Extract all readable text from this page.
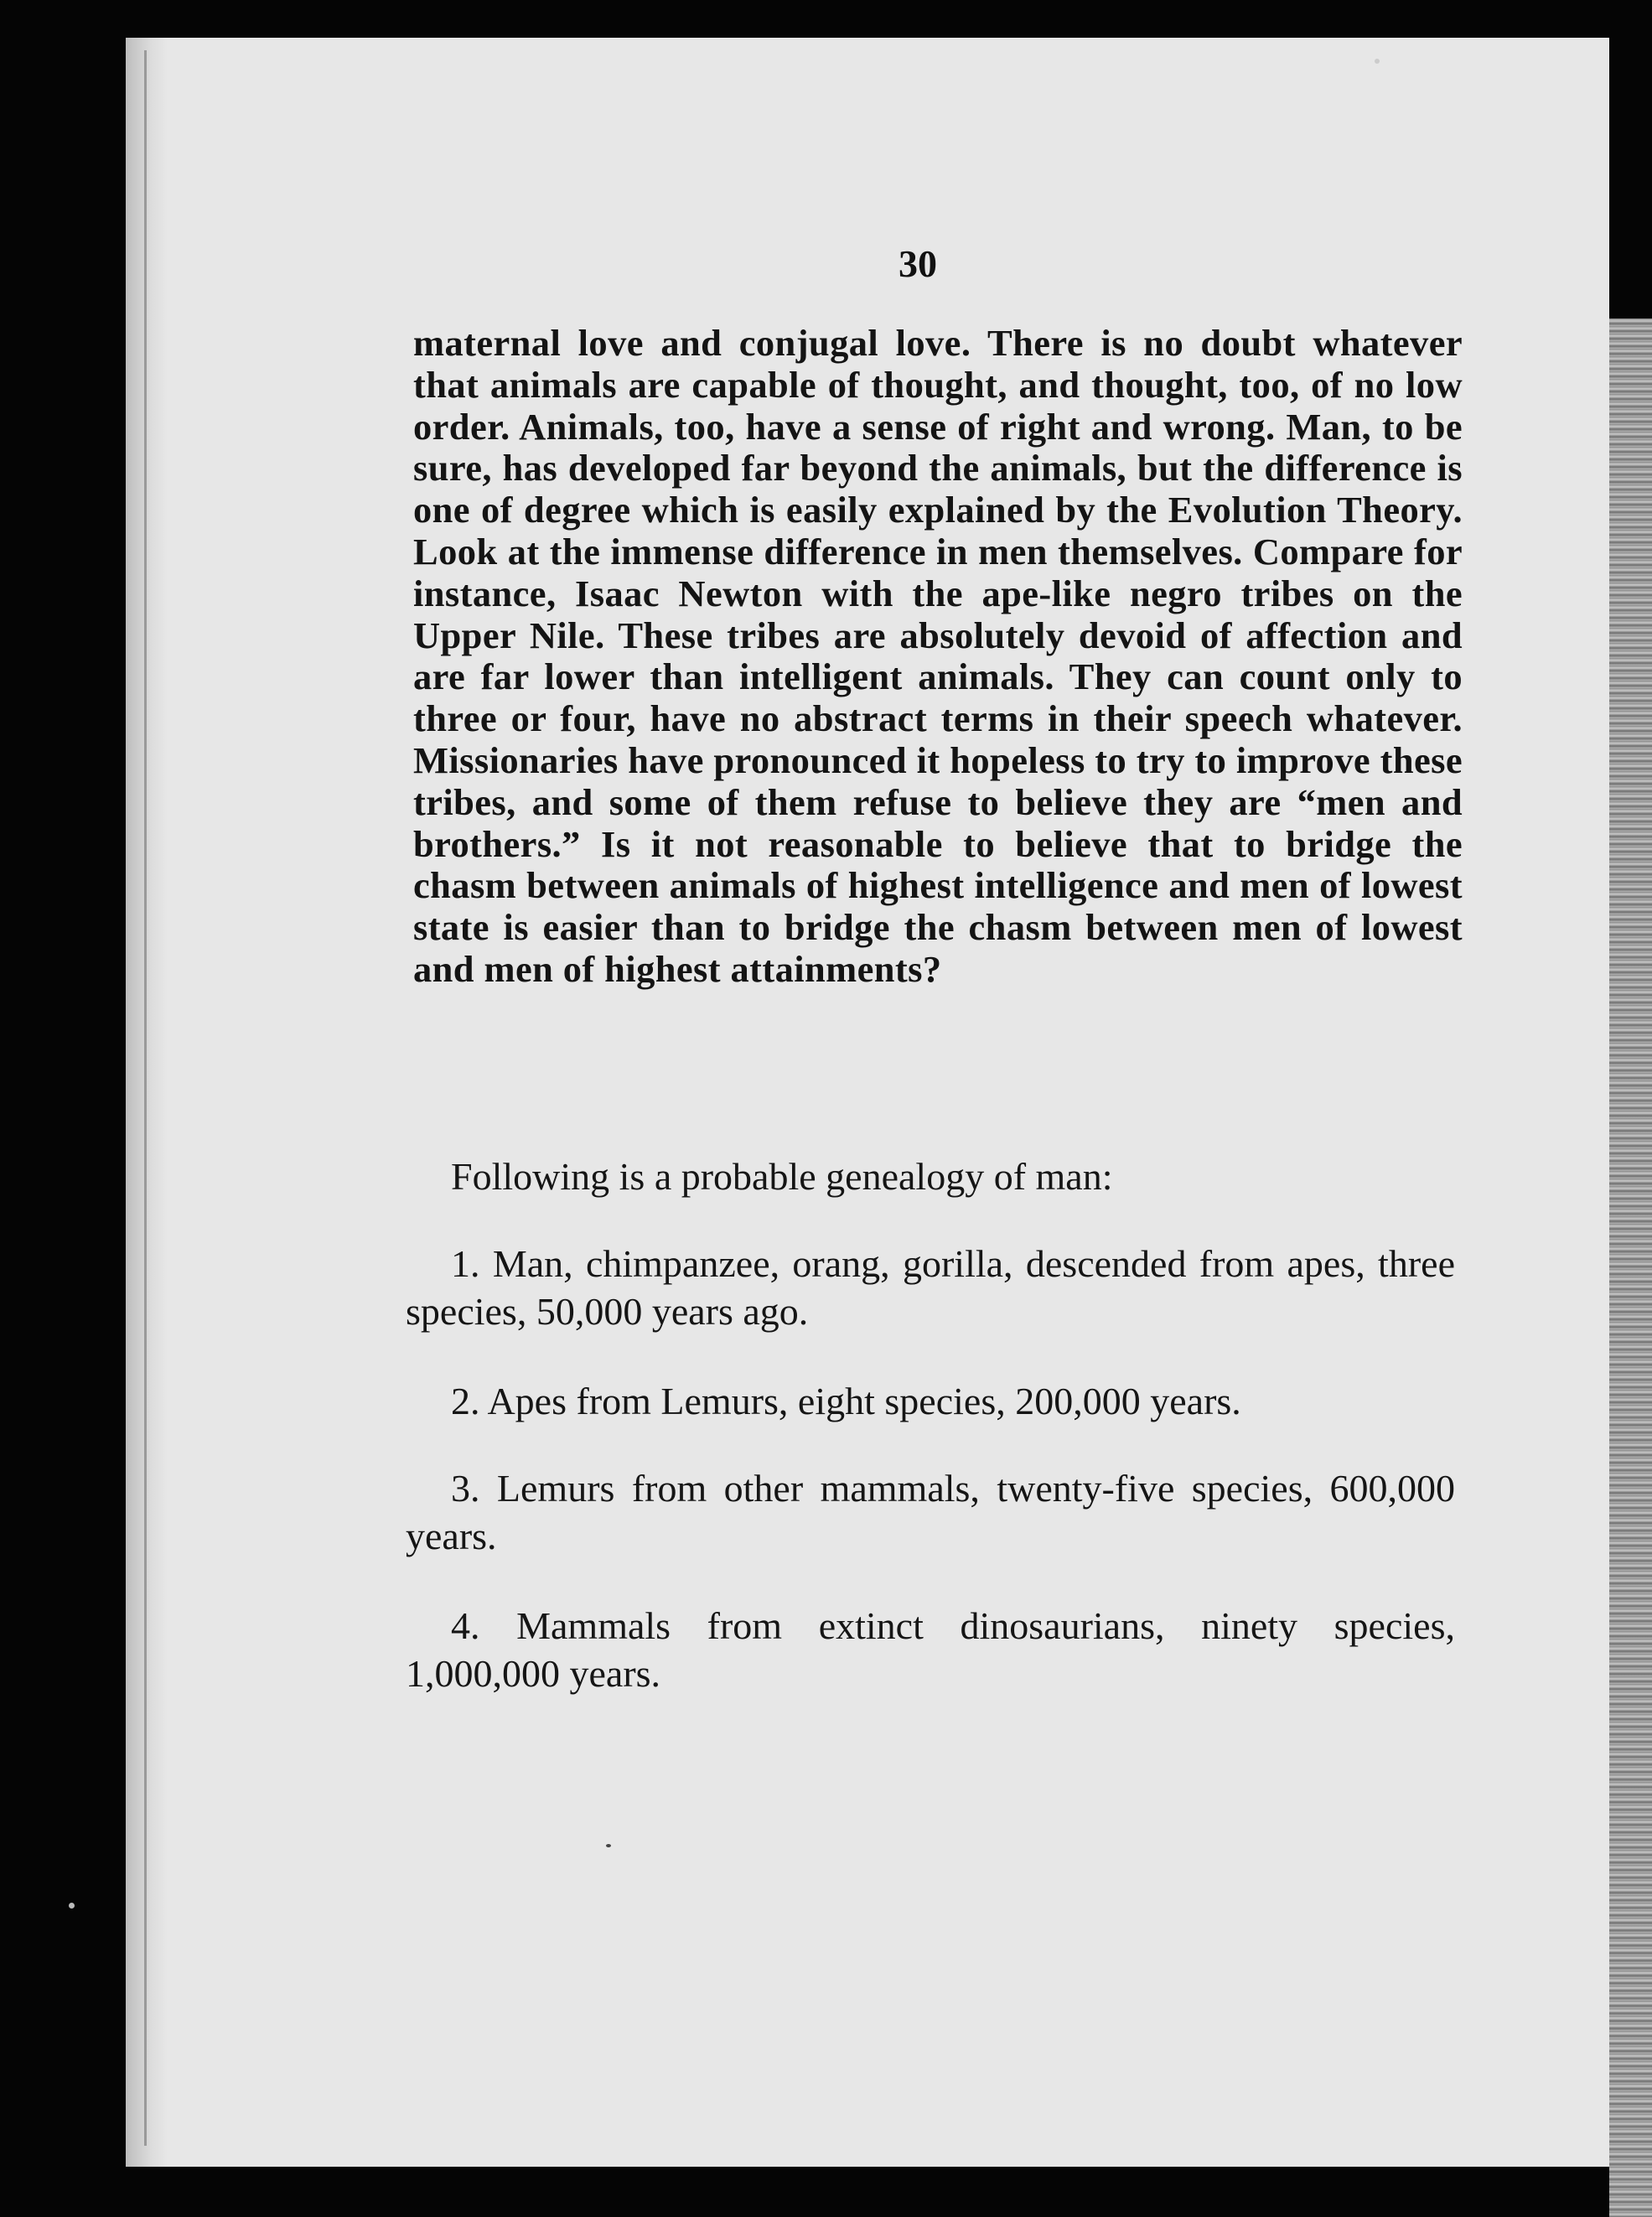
30
maternal love and conjugal love. There is no doubt whatever that animals are capable of thought, and thought, too, of no low order. Animals, too, have a sense of right and wrong. Man, to be sure, has developed far beyond the animals, but the difference is one of degree which is easily explained by the Evolution Theory. Look at the immense difference in men themselves. Compare for instance, Isaac Newton with the ape-like negro tribes on the Upper Nile. These tribes are absolutely devoid of affection and are far lower than intelligent animals. They can count only to three or four, have no abstract terms in their speech whatever. Missionaries have pronounced it hopeless to try to improve these tribes, and some of them refuse to believe they are “men and brothers.” Is it not reasonable to believe that to bridge the chasm between animals of highest intelligence and men of lowest state is easier than to bridge the chasm between men of lowest and men of highest attainments?
Following is a probable genealogy of man:
1. Man, chimpanzee, orang, gorilla, descended from apes, three species, 50,000 years ago.
2. Apes from Lemurs, eight species, 200,000 years.
3. Lemurs from other mammals, twenty-five species, 600,000 years.
4. Mammals from extinct dinosaurians, ninety species, 1,000,000 years.
